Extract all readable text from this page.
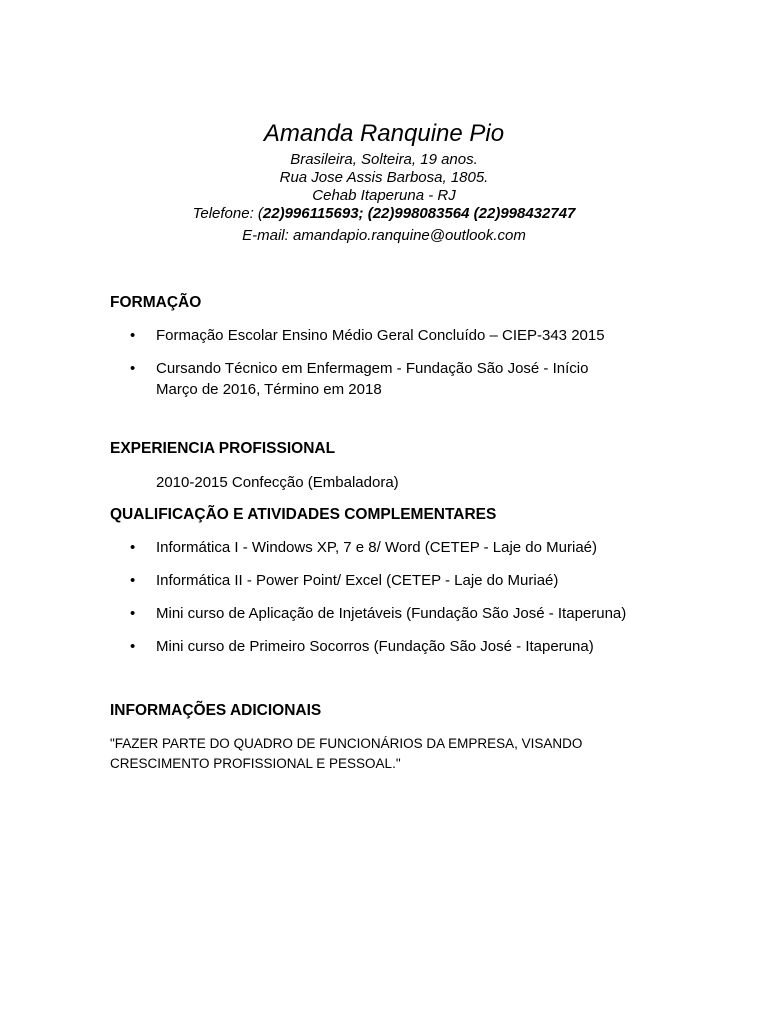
Amanda Ranquine Pio
Brasileira, Solteira, 19 anos.
Rua Jose Assis Barbosa, 1805.
Cehab Itaperuna - RJ
Telefone: (22)996115693; (22)998083564 (22)998432747
E-mail: amandapio.ranquine@outlook.com
FORMAÇÃO
• Formação Escolar Ensino Médio Geral Concluído – CIEP-343 2015
• Cursando Técnico em Enfermagem - Fundação São José - Início Março de 2016, Término em 2018
EXPERIENCIA PROFISSIONAL
2010-2015 Confecção (Embaladora)
QUALIFICAÇÃO E ATIVIDADES COMPLEMENTARES
• Informática I - Windows XP, 7 e 8/ Word (CETEP - Laje do Muriaé)
• Informática II - Power Point/ Excel (CETEP - Laje do Muriaé)
• Mini curso de Aplicação de Injetáveis (Fundação São José - Itaperuna)
• Mini curso de Primeiro Socorros (Fundação São José - Itaperuna)
INFORMAÇÕES ADICIONAIS
"FAZER PARTE DO QUADRO DE FUNCIONÁRIOS DA EMPRESA, VISANDO CRESCIMENTO PROFISSIONAL E PESSOAL."
